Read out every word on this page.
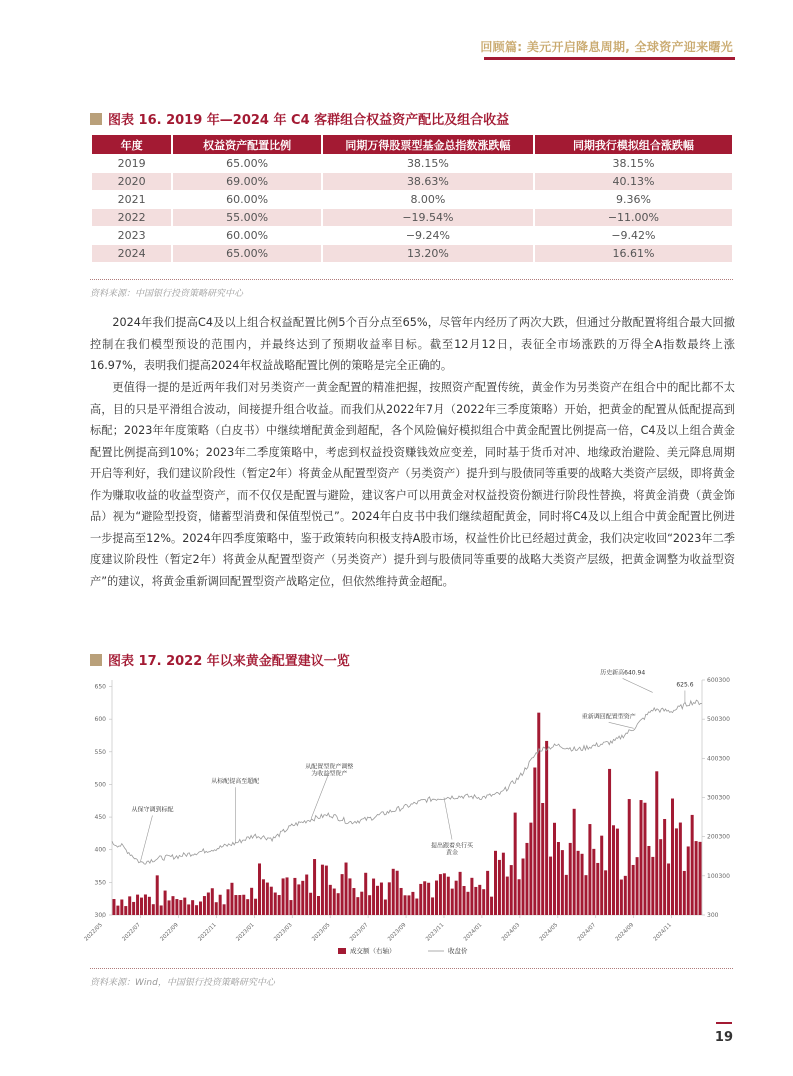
回顾篇: 美元开启降息周期, 全球资产迎来曙光
图表 16. 2019 年—2024 年 C4 客群组合权益资产配比及组合收益
年度	权益资产配置比例	同期万得股票型基金总指数涨跌幅	同期我行模拟组合涨跌幅
2019	65.00%	38.15%	38.15%
2020	69.00%	38.63%	40.13%
2021	60.00%	8.00%	9.36%
2022	55.00%	−19.54%	−11.00%
2023	60.00%	−9.24%	−9.42%
2024	65.00%	13.20%	16.61%
资料来源：中国银行投资策略研究中心

2024年我们提高C4及以上组合权益配置比例5个百分点至65%，尽管年内经历了两次大跌，但通过分散配置将组合最大回撤控制在我们模型预设的范围内，并最终达到了预期收益率目标。截至12月12日，表征全市场涨跌的万得全A指数最终上涨16.97%，表明我们提高2024年权益战略配置比例的策略是完全正确的。

更值得一提的是近两年我们对另类资产一黄金配置的精准把握，按照资产配置传统，黄金作为另类资产在组合中的配比都不太高，目的只是平滑组合波动，间接提升组合收益。而我们从2022年7月（2022年三季度策略）开始，把黄金的配置从低配提高到标配；2023年年度策略（白皮书）中继续增配黄金到超配，各个风险偏好模拟组合中黄金配置比例提高一倍，C4及以上组合黄金配置比例提高到10%；2023年二季度策略中，考虑到权益投资赚钱效应变差，同时基于货币对冲、地缘政治避险、美元降息周期开启等利好，我们建议阶段性（暂定2年）将黄金从配置型资产（另类资产）提升到与股债同等重要的战略大类资产层级，即将黄金作为赚取收益的收益型资产，而不仅仅是配置与避险，建议客户可以用黄金对权益投资份额进行阶段性替换，将黄金消费（黄金饰品）视为“避险型投资，储蓄型消费和保值型悦己”。2024年白皮书中我们继续超配黄金，同时将C4及以上组合中黄金配置比例进一步提高至12%。2024年四季度策略中，鉴于政策转向积极支持A股市场，权益性价比已经超过黄金，我们决定收回“2023年二季度建议阶段性（暂定2年）将黄金从配置型资产（另类资产）提升到与股债同等重要的战略大类资产层级，把黄金调整为收益型资产”的建议，将黄金重新调回配置型资产战略定位，但依然维持黄金超配。

图表 17. 2022 年以来黄金配置建议一览
300
350
400
450
500
550
600
650
300
100300
200300
300300
400300
500300
600300
2022/05	2022/07	2022/09	2022/11	2023/01	2023/03	2023/05	2023/07	2023/09	2023/11	2024/01	2024/03	2024/05	2024/07	2024/09	2024/11
从保守调到标配
从标配提高至超配
从配置型资产调整
为收益型资产
提出跟着央行买
黄金
历史新高640.94
重新调回配置型资产
625.6
成交额（右轴）	收盘价
资料来源：Wind，中国银行投资策略研究中心
19
